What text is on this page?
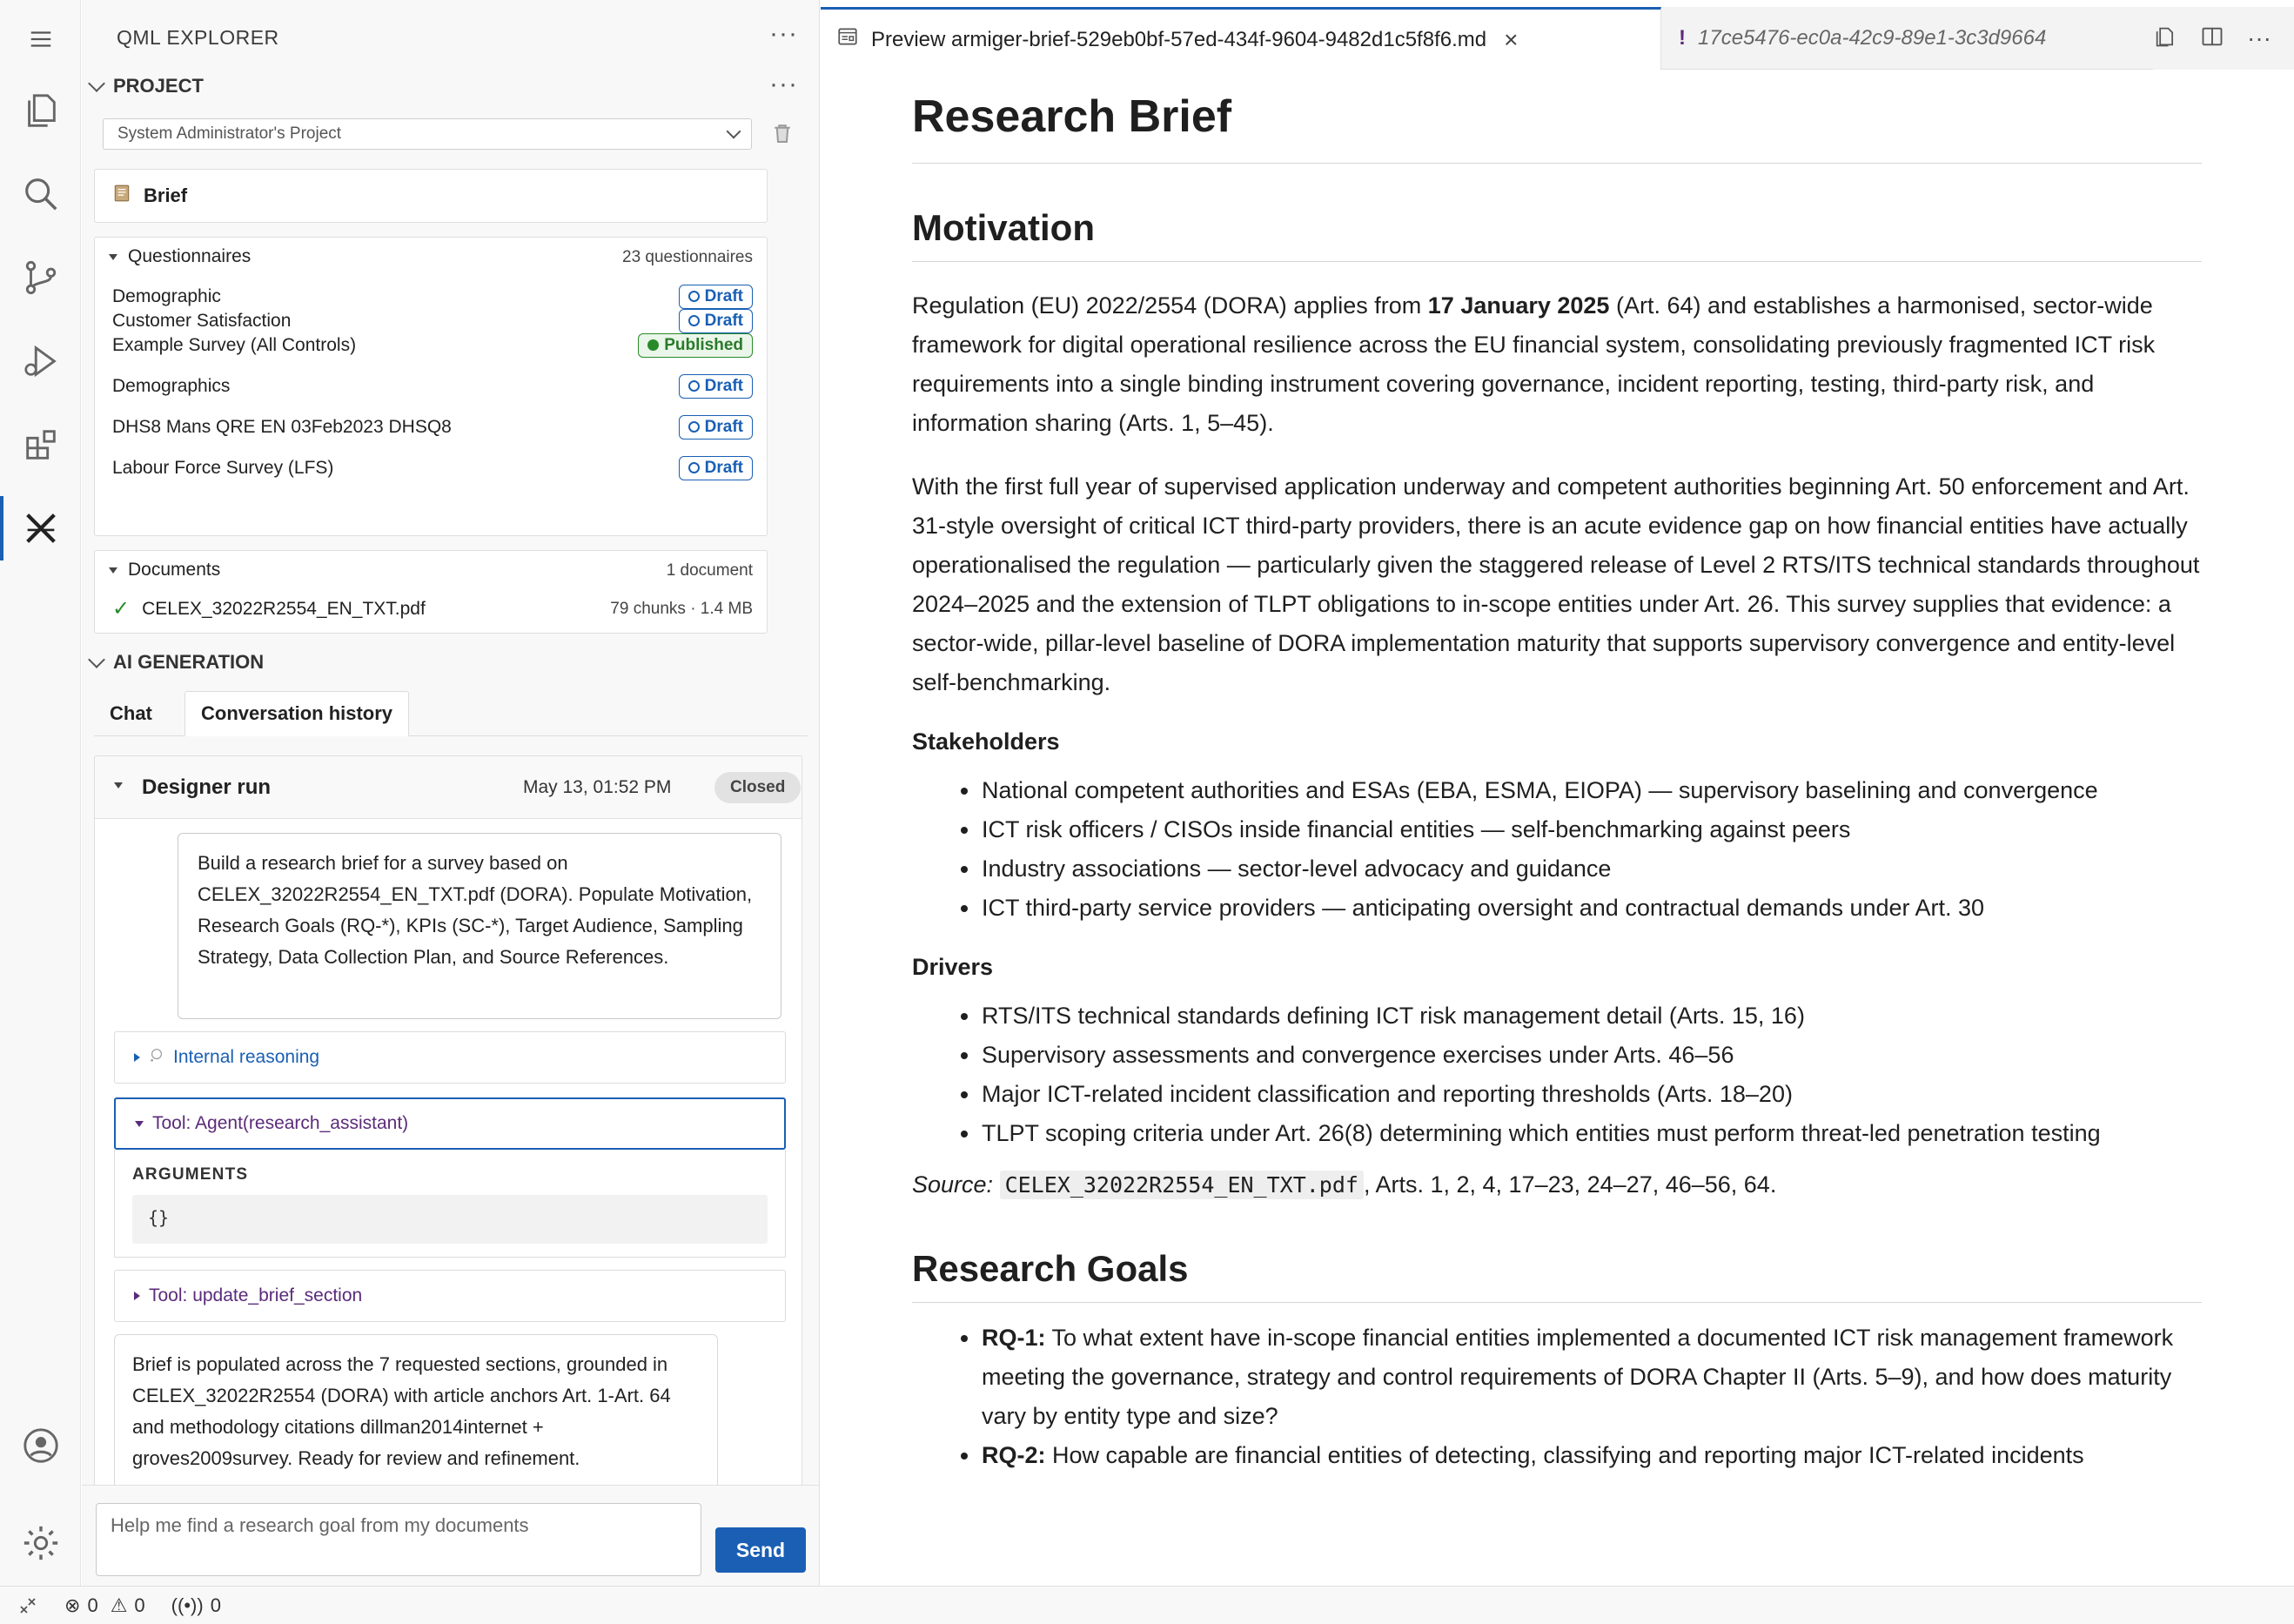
QML EXPLORER	···
PROJECT	···
System Administrator's Project
Brief
Questionnaires	23 questionnaires
Demographic	Draft
Customer Satisfaction	Draft
Example Survey (All Controls)	Published
Demographics	Draft
DHS8 Mans QRE EN 03Feb2023 DHSQ8	Draft
Labour Force Survey (LFS)	Draft
Documents	1 document
✓ CELEX_32022R2554_EN_TXT.pdf	79 chunks · 1.4 MB
AI GENERATION
Chat	Conversation history
Designer run	May 13, 01:52 PM	Closed
Build a research brief for a survey based on CELEX_32022R2554_EN_TXT.pdf (DORA). Populate Motivation, Research Goals (RQ-*), KPIs (SC-*), Target Audience, Sampling Strategy, Data Collection Plan, and Source References.
Internal reasoning
Tool: Agent(research_assistant)
ARGUMENTS
{}
Tool: update_brief_section
Brief is populated across the 7 requested sections, grounded in CELEX_32022R2554 (DORA) with article anchors Art. 1-Art. 64 and methodology citations dillman2014internet + groves2009survey. Ready for review and refinement.
Help me find a research goal from my documents
Send
Preview armiger-brief-529eb0bf-57ed-434f-9604-9482d1c5f8f6.md ×	! 17ce5476-ec0a-42c9-89e1-3c3d9664	···
Research Brief
Motivation

Regulation (EU) 2022/2554 (DORA) applies from 17 January 2025 (Art. 64) and establishes a harmonised, sector-wide framework for digital operational resilience across the EU financial system, consolidating previously fragmented ICT risk requirements into a single binding instrument covering governance, incident reporting, testing, third-party risk, and information sharing (Arts. 1, 5–45).

With the first full year of supervised application underway and competent authorities beginning Art. 50 enforcement and Art. 31-style oversight of critical ICT third-party providers, there is an acute evidence gap on how financial entities have actually operationalised the regulation — particularly given the staggered release of Level 2 RTS/ITS technical standards throughout 2024–2025 and the extension of TLPT obligations to in-scope entities under Art. 26. This survey supplies that evidence: a sector-wide, pillar-level baseline of DORA implementation maturity that supports supervisory convergence and entity-level self-benchmarking.

Stakeholders
National competent authorities and ESAs (EBA, ESMA, EIOPA) — supervisory baselining and convergence
ICT risk officers / CISOs inside financial entities — self-benchmarking against peers
Industry associations — sector-level advocacy and guidance
ICT third-party service providers — anticipating oversight and contractual demands under Art. 30
Drivers
RTS/ITS technical standards defining ICT risk management detail (Arts. 15, 16)
Supervisory assessments and convergence exercises under Arts. 46–56
Major ICT-related incident classification and reporting thresholds (Arts. 18–20)
TLPT scoping criteria under Art. 26(8) determining which entities must perform threat-led penetration testing
Source: CELEX_32022R2554_EN_TXT.pdf , Arts. 1, 2, 4, 17–23, 24–27, 46–56, 64.
Research Goals
RQ-1: To what extent have in-scope financial entities implemented a documented ICT risk management framework meeting the governance, strategy and control requirements of DORA Chapter II (Arts. 5–9), and how does maturity vary by entity type and size?
RQ-2: How capable are financial entities of detecting, classifying and reporting major ICT-related incidents
⊗ 0 ⚠ 0 ((•)) 0
